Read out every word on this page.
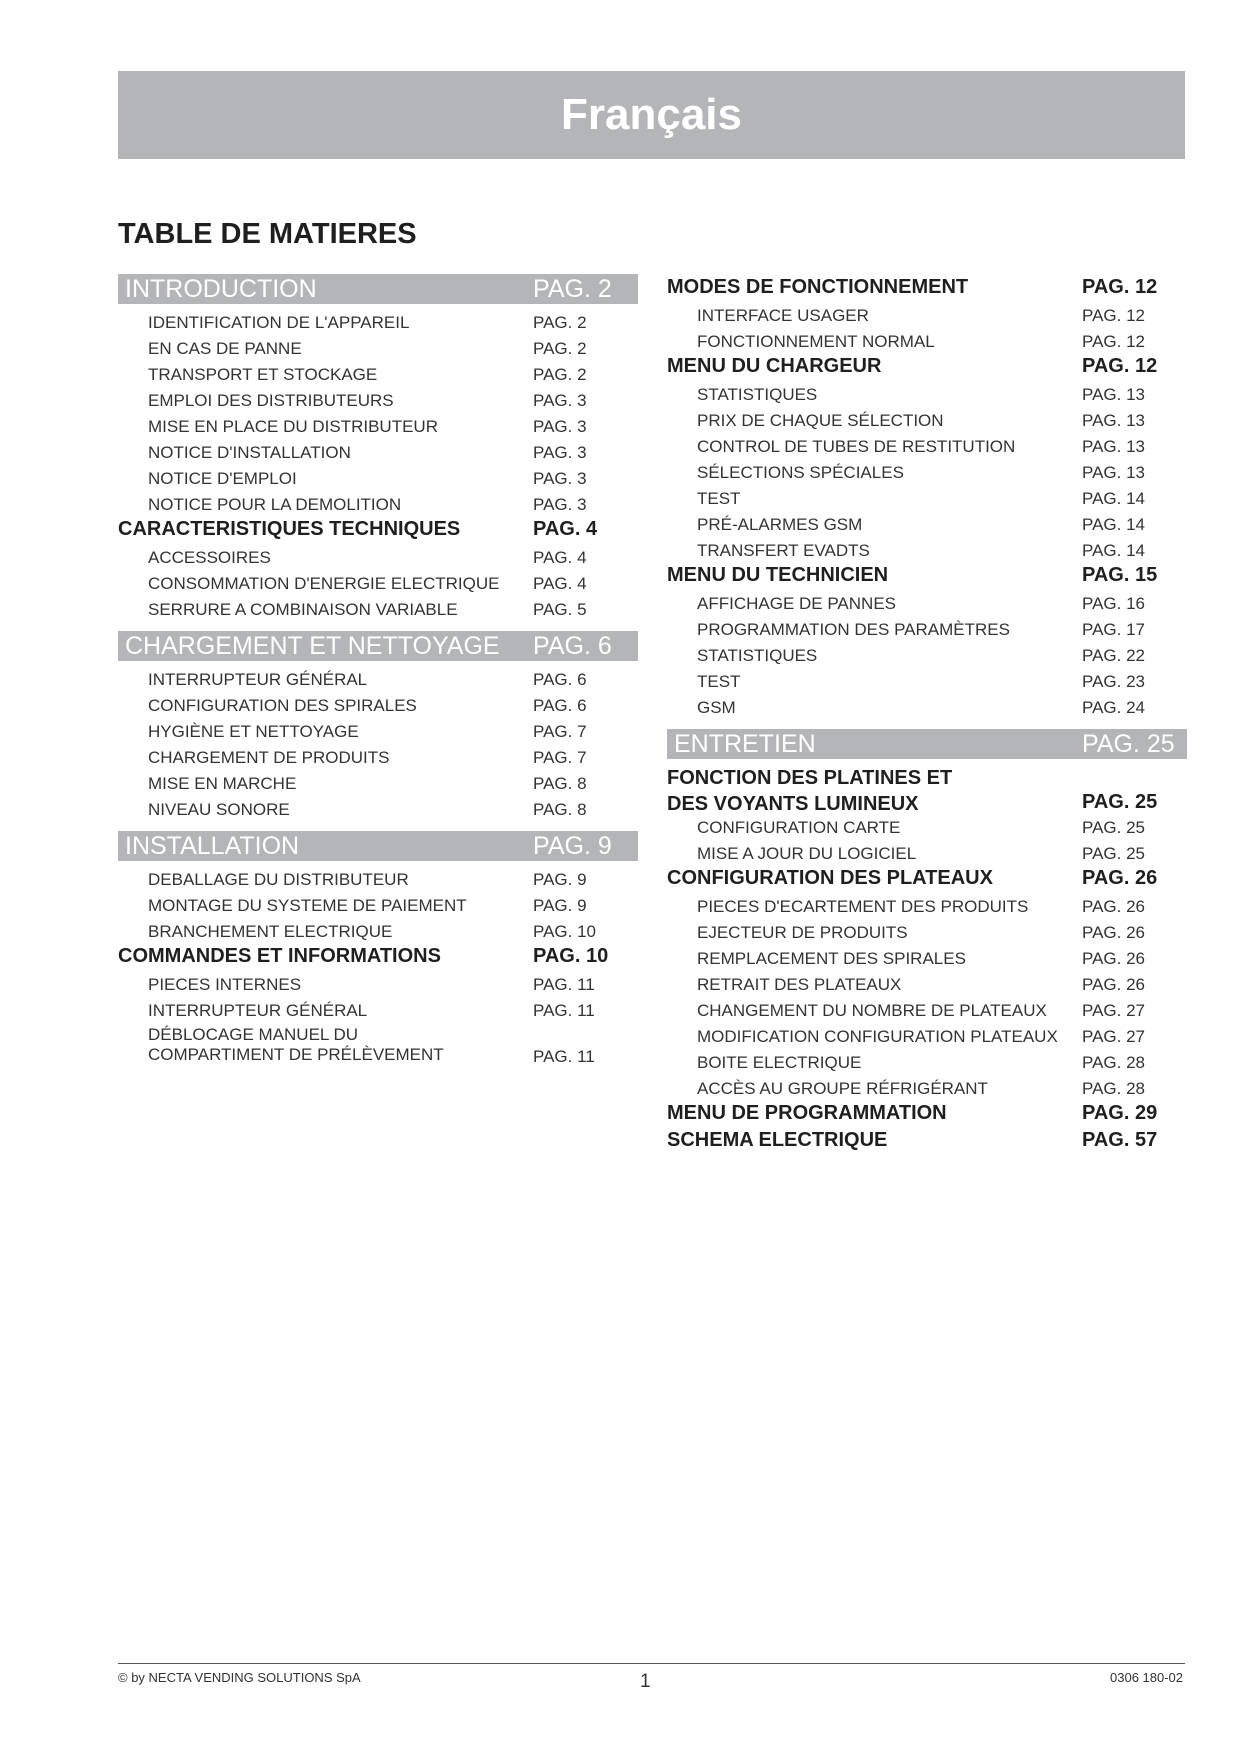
Français
TABLE DE MATIERES
INTRODUCTION	PAG. 2
IDENTIFICATION DE L'APPAREIL	PAG. 2
EN CAS DE PANNE	PAG. 2
TRANSPORT ET STOCKAGE	PAG. 2
EMPLOI DES DISTRIBUTEURS	PAG. 3
MISE EN PLACE DU DISTRIBUTEUR	PAG. 3
NOTICE D'INSTALLATION	PAG. 3
NOTICE D'EMPLOI	PAG. 3
NOTICE POUR LA DEMOLITION	PAG. 3
CARACTERISTIQUES TECHNIQUES	PAG. 4
ACCESSOIRES	PAG. 4
CONSOMMATION D'ENERGIE ELECTRIQUE PAG. 4
SERRURE A COMBINAISON VARIABLE	PAG. 5
CHARGEMENT ET NETTOYAGE PAG. 6
INTERRUPTEUR GÉNÉRAL	PAG. 6
CONFIGURATION DES SPIRALES	PAG. 6
HYGIÈNE ET NETTOYAGE	PAG. 7
CHARGEMENT DE PRODUITS	PAG. 7
MISE EN MARCHE	PAG. 8
NIVEAU SONORE	PAG. 8
INSTALLATION	PAG. 9
DEBALLAGE DU DISTRIBUTEUR	PAG. 9
MONTAGE DU SYSTEME DE PAIEMENT	PAG. 9
BRANCHEMENT ELECTRIQUE	PAG. 10
COMMANDES ET INFORMATIONS	PAG. 10
PIECES INTERNES	PAG. 11
INTERRUPTEUR GÉNÉRAL	PAG. 11
DÉBLOCAGE MANUEL DU
COMPARTIMENT DE PRÉLÈVEMENT	PAG. 11
MODES DE FONCTIONNEMENT	PAG. 12
INTERFACE USAGER	PAG. 12
FONCTIONNEMENT NORMAL	PAG. 12
MENU DU CHARGEUR	PAG. 12
STATISTIQUES	PAG. 13
PRIX DE CHAQUE SÉLECTION	PAG. 13
CONTROL DE TUBES DE RESTITUTION	PAG. 13
SÉLECTIONS SPÉCIALES	PAG. 13
TEST	PAG. 14
PRÉ-ALARMES GSM	PAG. 14
TRANSFERT EVADTS	PAG. 14
MENU DU TECHNICIEN	PAG. 15
AFFICHAGE DE PANNES	PAG. 16
PROGRAMMATION DES PARAMÈTRES	PAG. 17
STATISTIQUES	PAG. 22
TEST	PAG. 23
GSM	PAG. 24
ENTRETIEN	PAG. 25
FONCTION DES PLATINES ET
DES VOYANTS LUMINEUX	PAG. 25
CONFIGURATION CARTE	PAG. 25
MISE A JOUR DU LOGICIEL	PAG. 25
CONFIGURATION DES PLATEAUX	PAG. 26
PIECES D'ECARTEMENT DES PRODUITS	PAG. 26
EJECTEUR DE PRODUITS	PAG. 26
REMPLACEMENT DES SPIRALES	PAG. 26
RETRAIT DES PLATEAUX	PAG. 26
CHANGEMENT DU NOMBRE DE PLATEAUX PAG. 27
MODIFICATION CONFIGURATION PLATEAUX PAG. 27
BOITE ELECTRIQUE	PAG. 28
ACCÈS AU GROUPE RÉFRIGÉRANT	PAG. 28
MENU DE PROGRAMMATION	PAG. 29
SCHEMA ELECTRIQUE	PAG. 57
© by NECTA VENDING SOLUTIONS SpA	1	0306 180-02
